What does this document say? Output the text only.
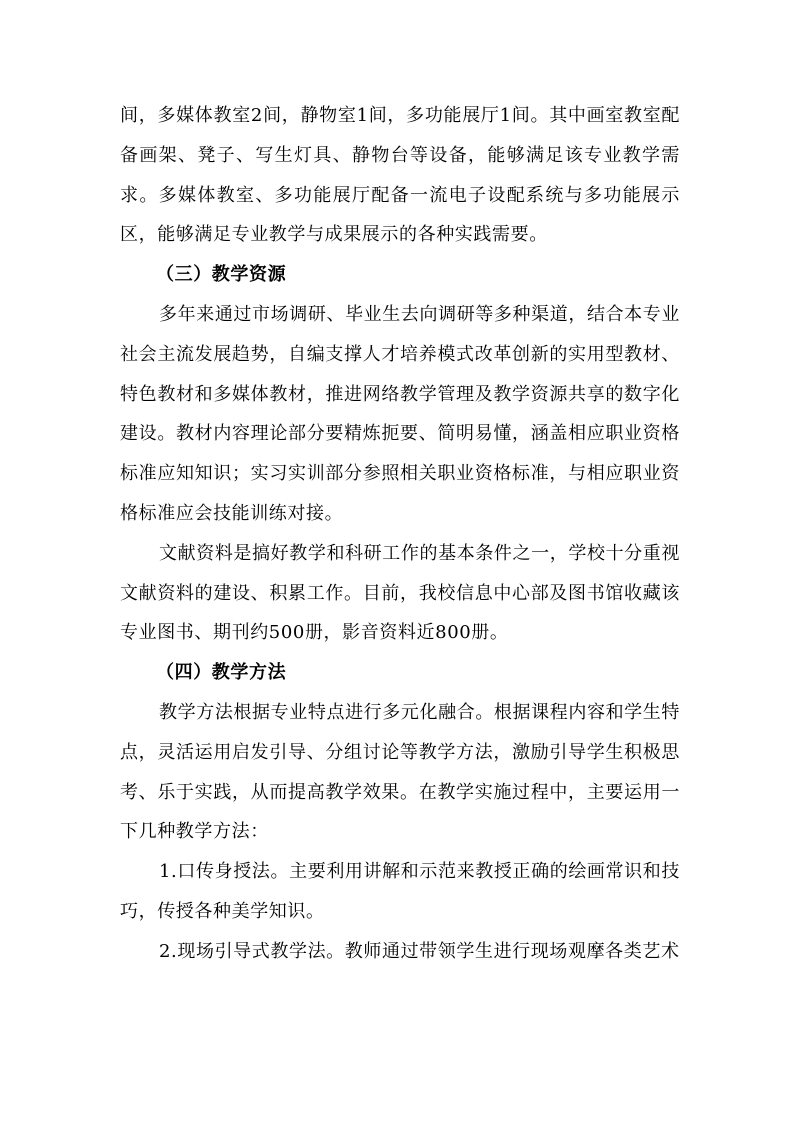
间，多媒体教室2间，静物室1间，多功能展厅1间。其中画室教室配备画架、凳子、写生灯具、静物台等设备，能够满足该专业教学需求。多媒体教室、多功能展厅配备一流电子设配系统与多功能展示区，能够满足专业教学与成果展示的各种实践需要。

（三）教学资源

多年来通过市场调研、毕业生去向调研等多种渠道，结合本专业社会主流发展趋势，自编支撑人才培养模式改革创新的实用型教材、特色教材和多媒体教材，推进网络教学管理及教学资源共享的数字化建设。教材内容理论部分要精炼扼要、简明易懂，涵盖相应职业资格标准应知知识；实习实训部分参照相关职业资格标准，与相应职业资格标准应会技能训练对接。

文献资料是搞好教学和科研工作的基本条件之一，学校十分重视文献资料的建设、积累工作。目前，我校信息中心部及图书馆收藏该专业图书、期刊约500册，影音资料近800册。

（四）教学方法

教学方法根据专业特点进行多元化融合。根据课程内容和学生特点，灵活运用启发引导、分组讨论等教学方法，激励引导学生积极思考、乐于实践，从而提高教学效果。在教学实施过程中，主要运用一下几种教学方法：

1.口传身授法。主要利用讲解和示范来教授正确的绘画常识和技巧，传授各种美学知识。

2.现场引导式教学法。教师通过带领学生进行现场观摩各类艺术
